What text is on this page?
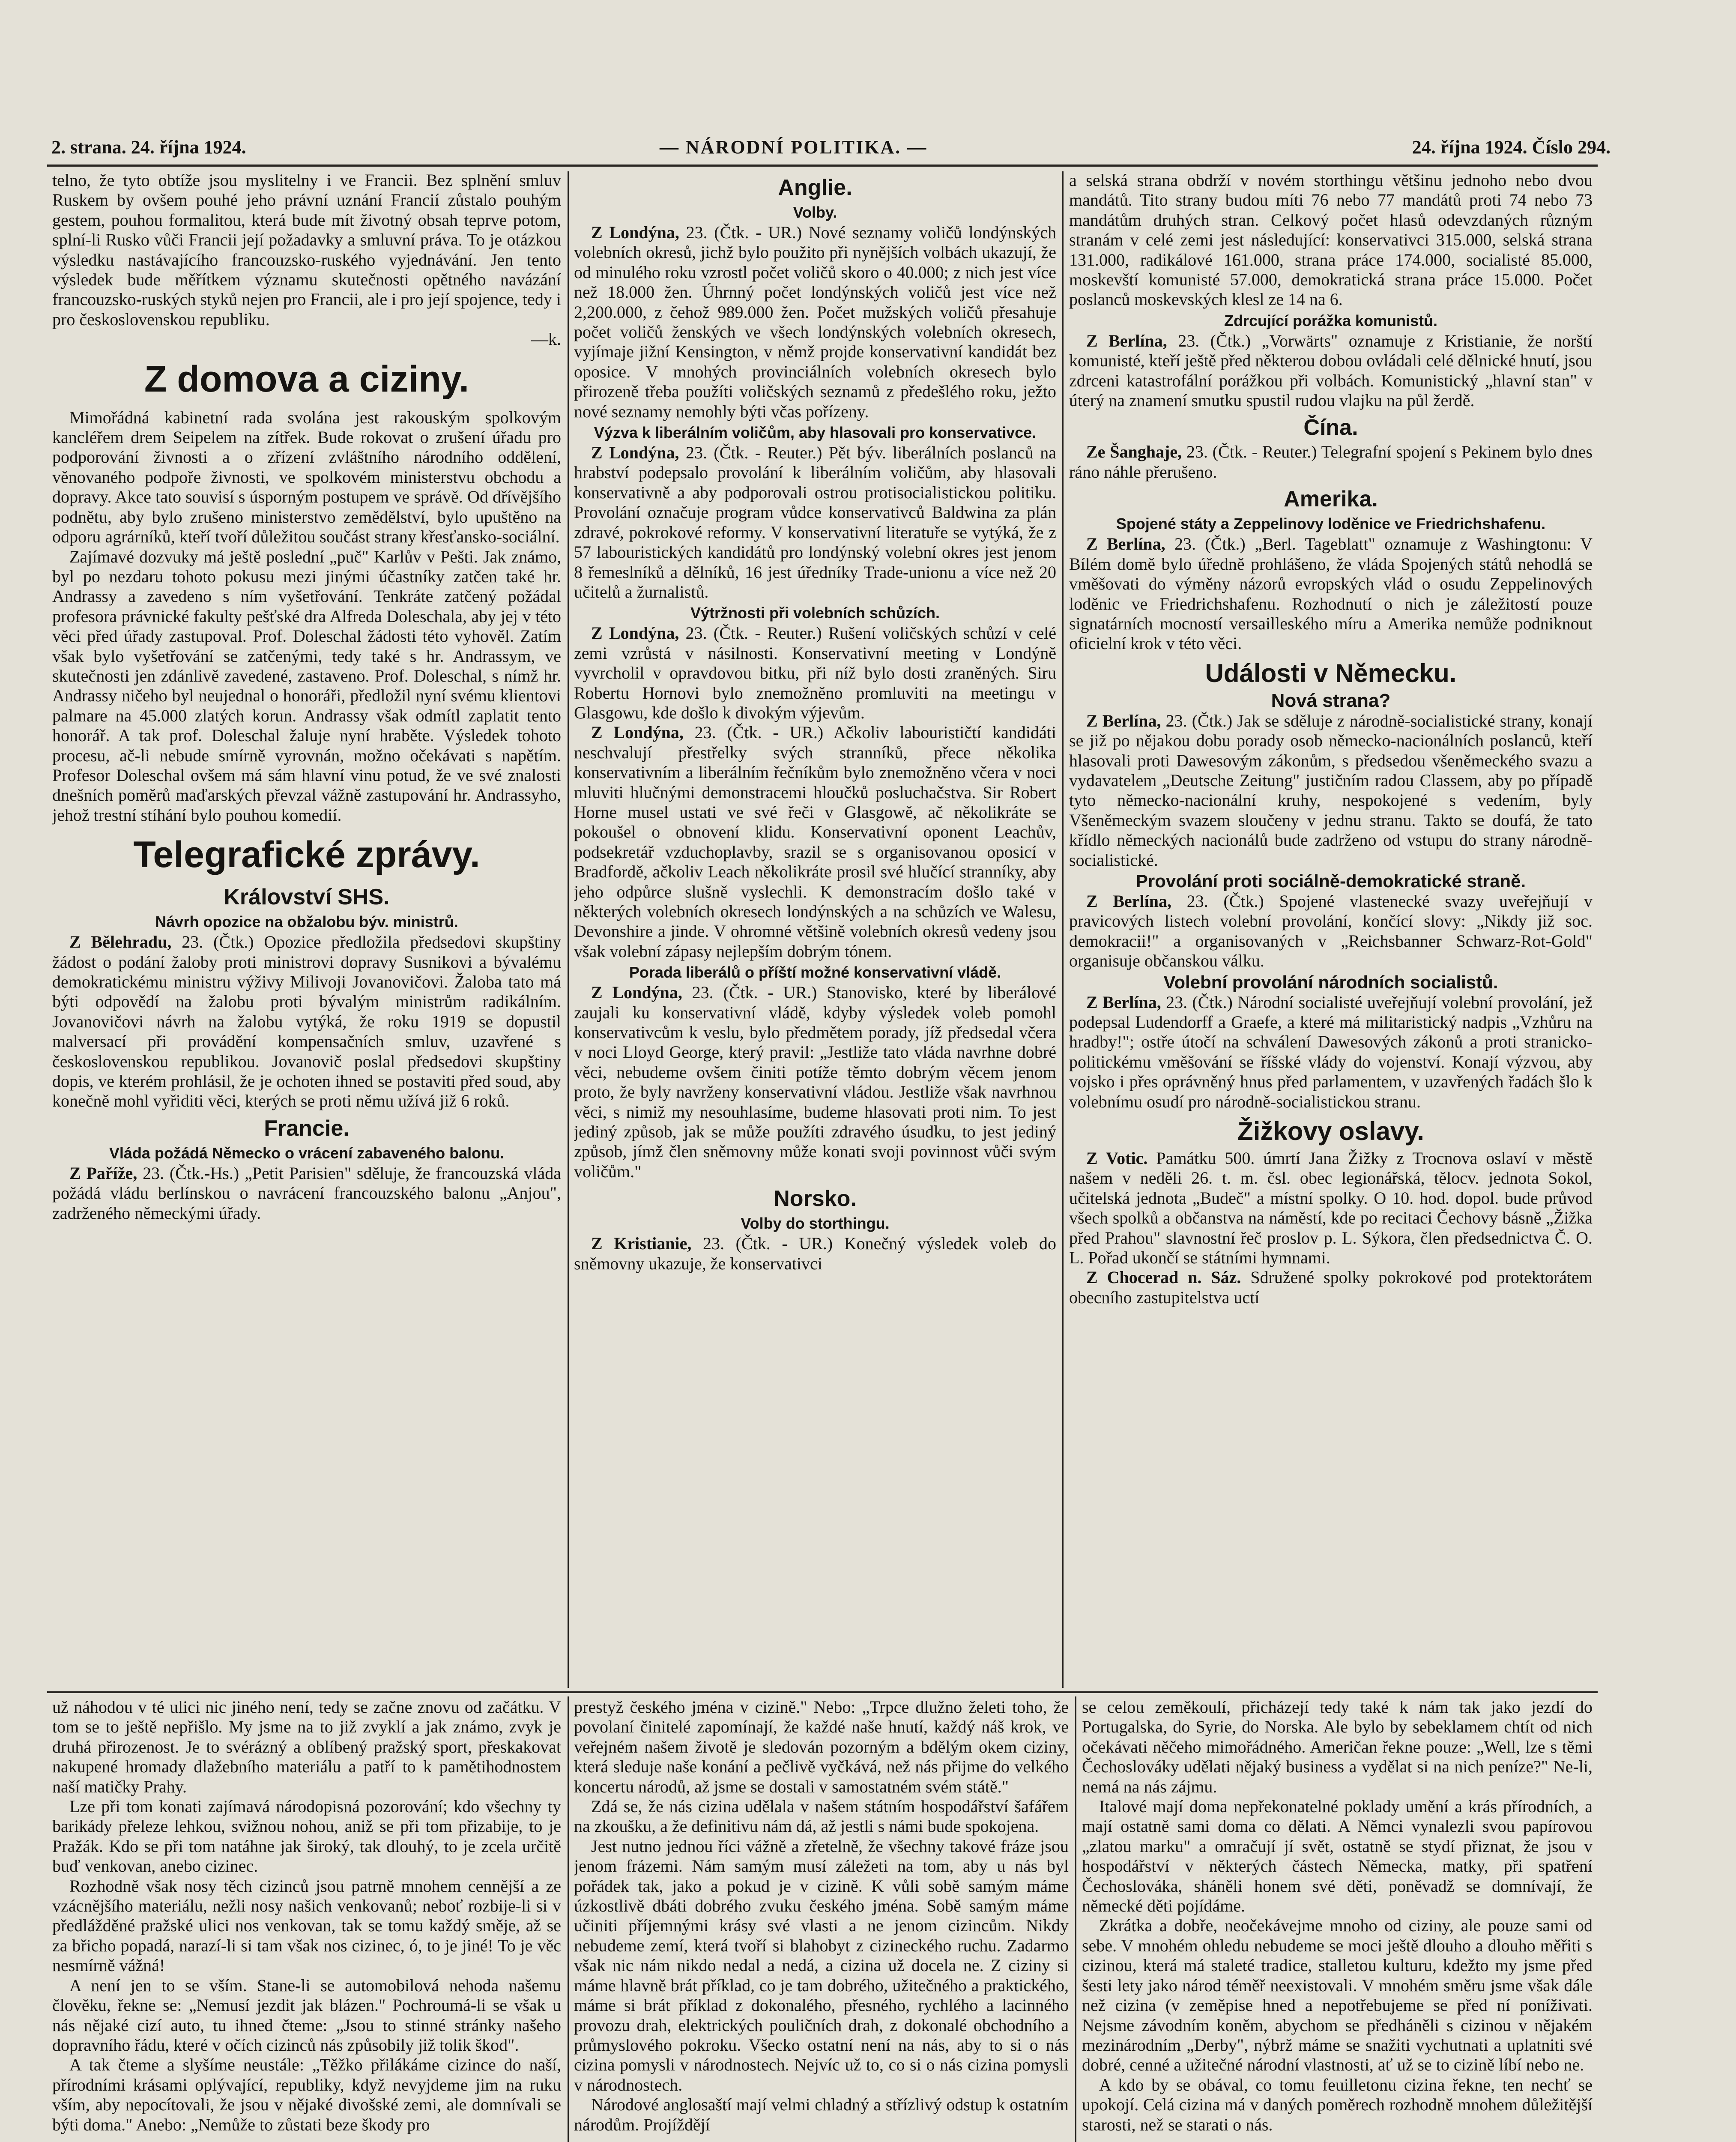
2. strana. 24. října 1924.	— NÁRODNÍ POLITIKA. —	24. října 1924. Číslo 294.

telno, že tyto obtíže jsou myslitelny i ve Francii. Bez splnění smluv Ruskem by ovšem pouhé jeho právní uznání Francií zůstalo pouhým gestem, pouhou formalitou, která bude mít životný obsah teprve potom, splní-li Rusko vůči Francii její požadavky a smluvní práva. To je otázkou výsledku nastávajícího francouzsko-ruského vyjednávání. Jen tento výsledek bude měřítkem významu skutečnosti opětného navázání francouzsko-ruských styků nejen pro Francii, ale i pro její spojence, tedy i pro československou republiku.

—k.

Z domova a ciziny.

Mimořádná kabinetní rada svolána jest rakouským spolkovým kancléřem drem Seipelem na zítřek. Bude rokovat o zrušení úřadu pro podporování živnosti a o zřízení zvláštního národního oddělení, věnovaného podpoře živnosti, ve spolkovém ministerstvu obchodu a dopravy. Akce tato souvisí s úsporným postupem ve správě. Od dřívějšího podnětu, aby bylo zrušeno ministerstvo zemědělství, bylo upuštěno na odporu agrárníků, kteří tvoří důležitou součást strany křesťansko-sociální.

Zajímavé dozvuky má ještě poslední „puč" Karlův v Pešti. Jak známo, byl po nezdaru tohoto pokusu mezi jinými účastníky zatčen také hr. Andrassy a zavedeno s ním vyšetřování. Tenkráte zatčený požádal profesora právnické fakulty pešťské dra Alfreda Doleschala, aby jej v této věci před úřady zastupoval. Prof. Doleschal žádosti této vyhověl. Zatím však bylo vyšetřování se zatčenými, tedy také s hr. Andrassym, ve skutečnosti jen zdánlivě zavedené, zastaveno. Prof. Doleschal, s nímž hr. Andrassy ničeho byl neujednal o honoráři, předložil nyní svému klientovi palmare na 45.000 zlatých korun. Andrassy však odmítl zaplatit tento honorář. A tak prof. Doleschal žaluje nyní hraběte. Výsledek tohoto procesu, ač-li nebude smírně vyrovnán, možno očekávati s napětím. Profesor Doleschal ovšem má sám hlavní vinu potud, že ve své znalosti dnešních poměrů maďarských převzal vážně zastupování hr. Andrassyho, jehož trestní stíhání bylo pouhou komedií.

Telegrafické zprávy.
Království SHS.
Návrh opozice na obžalobu býv. ministrů.

Z Bělehradu, 23. (Čtk.) Opozice předložila předsedovi skupštiny žádost o podání žaloby proti ministrovi dopravy Susnikovi a bývalému demokratickému ministru výživy Milivoji Jovanovičovi. Žaloba tato má býti odpovědí na žalobu proti bývalým ministrům radikálním. Jovanovičovi návrh na žalobu vytýká, že roku 1919 se dopustil malversací při provádění kompensačních smluv, uzavřené s československou republikou. Jovanovič poslal předsedovi skupštiny dopis, ve kterém prohlásil, že je ochoten ihned se postaviti před soud, aby konečně mohl vyřiditi věci, kterých se proti němu užívá již 6 roků.

Francie.
Vláda požádá Německo o vrácení zabaveného balonu.

Z Paříže, 23. (Čtk.-Hs.) „Petit Parisien" sděluje, že francouzská vláda požádá vládu berlínskou o navrácení francouzského balonu „Anjou", zadrženého německými úřady.

Anglie.
Volby.

Z Londýna, 23. (Čtk. - UR.) Nové seznamy voličů londýnských volebních okresů, jichž bylo použito při nynějších volbách ukazují, že od minulého roku vzrostl počet voličů skoro o 40.000; z nich jest více než 18.000 žen. Úhrnný počet londýnských voličů jest více než 2,200.000, z čehož 989.000 žen. Počet mužských voličů přesahuje počet voličů ženských ve všech londýnských volebních okresech, vyjímaje jižní Kensington, v němž projde konservativní kandidát bez oposice. V mnohých provinciálních volebních okresech bylo přirozeně třeba použíti voličských seznamů z předešlého roku, ježto nové seznamy nemohly býti včas pořízeny.

Výzva k liberálním voličům, aby hlasovali pro konservativce.

Z Londýna, 23. (Čtk. - Reuter.) Pět býv. liberálních poslanců na hrabství podepsalo provolání k liberálním voličům, aby hlasovali konservativně a aby podporovali ostrou protisocialistickou politiku. Provolání označuje program vůdce konservativců Baldwina za plán zdravé, pokrokové reformy. V konservativní literatuře se vytýká, že z 57 labouristických kandidátů pro londýnský volební okres jest jenom 8 řemeslníků a dělníků, 16 jest úředníky Trade-unionu a více než 20 učitelů a žurnalistů.

Výtržnosti při volebních schůzích.

Z Londýna, 23. (Čtk. - Reuter.) Rušení voličských schůzí v celé zemi vzrůstá v násilnosti. Konservativní meeting v Londýně vyvrcholil v opravdovou bitku, při níž bylo dosti zraněných. Siru Robertu Hornovi bylo znemožněno promluviti na meetingu v Glasgowu, kde došlo k divokým výjevům.

Z Londýna, 23. (Čtk. - UR.) Ačkoliv labourističtí kandidáti neschvalují přestřelky svých stranníků, přece několika konservativním a liberálním řečníkům bylo znemožněno včera v noci mluviti hlučnými demonstracemi hloučků posluchačstva. Sir Robert Horne musel ustati ve své řeči v Glasgowě, ač několikráte se pokoušel o obnovení klidu. Konservativní oponent Leachův, podsekretář vzduchoplavby, srazil se s organisovanou oposicí v Bradfordě, ačkoliv Leach několikráte prosil své hlučící stranníky, aby jeho odpůrce slušně vyslechli. K demonstracím došlo také v některých volebních okresech londýnských a na schůzích ve Walesu, Devonshire a jinde. V ohromné většině volebních okresů vedeny jsou však volební zápasy nejlepším dobrým tónem.

Porada liberálů o příští možné konservativní vládě.

Z Londýna, 23. (Čtk. - UR.) Stanovisko, které by liberálové zaujali ku konservativní vládě, kdyby výsledek voleb pomohl konservativcům k veslu, bylo předmětem porady, jíž předsedal včera v noci Lloyd George, který pravil: „Jestliže tato vláda navrhne dobré věci, nebudeme ovšem činiti potíže těmto dobrým věcem jenom proto, že byly navrženy konservativní vládou. Jestliže však navrhnou věci, s nimiž my nesouhlasíme, budeme hlasovati proti nim. To jest jediný způsob, jak se může použíti zdravého úsudku, to jest jediný způsob, jímž člen sněmovny může konati svoji povinnost vůči svým voličům."

Norsko.
Volby do storthingu.

Z Kristianie, 23. (Čtk. - UR.) Konečný výsledek voleb do sněmovny ukazuje, že konservativci

a selská strana obdrží v novém storthingu většinu jednoho nebo dvou mandátů. Tito strany budou míti 76 nebo 77 mandátů proti 74 nebo 73 mandátům druhých stran. Celkový počet hlasů odevzdaných různým stranám v celé zemi jest následující: konservativci 315.000, selská strana 131.000, radikálové 161.000, strana práce 174.000, socialisté 85.000, moskevští komunisté 57.000, demokratická strana práce 15.000. Počet poslanců moskevských klesl ze 14 na 6.

Zdrcující porážka komunistů.

Z Berlína, 23. (Čtk.) „Vorwärts" oznamuje z Kristianie, že norští komunisté, kteří ještě před některou dobou ovládali celé dělnické hnutí, jsou zdrceni katastrofální porážkou při volbách. Komunistický „hlavní stan" v úterý na znamení smutku spustil rudou vlajku na půl žerdě.

Čína.

Ze Šanghaje, 23. (Čtk. - Reuter.) Telegrafní spojení s Pekinem bylo dnes ráno náhle přerušeno.

Amerika.
Spojené státy a Zeppelinovy loděnice ve Friedrichshafenu.

Z Berlína, 23. (Čtk.) „Berl. Tageblatt" oznamuje z Washingtonu: V Bílém domě bylo úředně prohlášeno, že vláda Spojených států nehodlá se vměšovati do výměny názorů evropských vlád o osudu Zeppelinových loděnic ve Friedrichshafenu. Rozhodnutí o nich je záležitostí pouze signatárních mocností versailleského míru a Amerika nemůže podniknout oficielní krok v této věci.

Události v Německu.
Nová strana?

Z Berlína, 23. (Čtk.) Jak se sděluje z národně-socialistické strany, konají se již po nějakou dobu porady osob německo-nacionálních poslanců, kteří hlasovali proti Dawesovým zákonům, s předsedou všeněmeckého svazu a vydavatelem „Deutsche Zeitung" justičním radou Classem, aby po případě tyto německo-nacionální kruhy, nespokojené s vedením, byly Všeněmeckým svazem sloučeny v jednu stranu. Takto se doufá, že tato křídlo německých nacionálů bude zadrženo od vstupu do strany národně-socialistické.

Provolání proti sociálně-demokratické straně.

Z Berlína, 23. (Čtk.) Spojené vlastenecké svazy uveřejňují v pravicových listech volební provolání, končící slovy: „Nikdy již soc. demokracii!" a organisovaných v „Reichsbanner Schwarz-Rot-Gold" organisuje občanskou válku.

Volební provolání národních socialistů.

Z Berlína, 23. (Čtk.) Národní socialisté uveřejňují volební provolání, jež podepsal Ludendorff a Graefe, a které má militaristický nadpis „Vzhůru na hradby!"; ostře útočí na schválení Dawesových zákonů a proti stranicko-politickému vměšování se říšské vlády do vojenství. Konají výzvou, aby vojsko i přes oprávněný hnus před parlamentem, v uzavřených řadách šlo k volebnímu osudí pro národně-socialistickou stranu.

Žižkovy oslavy.

Z Votic. Památku 500. úmrtí Jana Žižky z Trocnova oslaví v městě našem v neděli 26. t. m. čsl. obec legionářská, tělocv. jednota Sokol, učitelská jednota „Budeč" a místní spolky. O 10. hod. dopol. bude průvod všech spolků a občanstva na náměstí, kde po recitaci Čechovy básně „Žižka před Prahou" slavnostní řeč proslov p. L. Sýkora, člen předsednictva Č. O. L. Pořad ukončí se státními hymnami.

Z Chocerad n. Sáz. Sdružené spolky pokrokové pod protektorátem obecního zastupitelstva uctí

už náhodou v té ulici nic jiného není, tedy se začne znovu od začátku. V tom se to ještě nepřišlo. My jsme na to již zvyklí a jak známo, zvyk je druhá přirozenost. Je to svérázný a oblíbený pražský sport, přeskakovat nakupené hromady dlažebního materiálu a patří to k pamětihodnostem naší matičky Prahy.

Lze při tom konati zajímavá národopisná pozorování; kdo všechny ty barikády přeleze lehkou, svižnou nohou, aniž se při tom přizabije, to je Pražák. Kdo se při tom natáhne jak široký, tak dlouhý, to je zcela určitě buď venkovan, anebo cizinec.

Rozhodně však nosy těch cizinců jsou patrně mnohem cennější a ze vzácnějšího materiálu, nežli nosy našich venkovanů; neboť rozbije-li si v předlážděné pražské ulici nos venkovan, tak se tomu každý směje, až se za břicho popadá, narazí-li si tam však nos cizinec, ó, to je jiné! To je věc nesmírně vážná!

A není jen to se vším. Stane-li se automobilová nehoda našemu člověku, řekne se: „Nemusí jezdit jak blázen." Pochroumá-li se však u nás nějaké cizí auto, tu ihned čteme: „Jsou to stinné stránky našeho dopravního řádu, které v očích cizinců nás způsobily již tolik škod".

A tak čteme a slyšíme neustále: „Těžko přilákáme cizince do naší, přírodními krásami oplývající, republiky, když nevyjdeme jim na ruku vším, aby nepocítovali, že jsou v nějaké divošské zemi, ale domnívali se býti doma." Anebo: „Nemůže to zůstati beze škody pro

prestyž českého jména v cizině." Nebo: „Trpce dlužno želeti toho, že povolaní činitelé zapomínají, že každé naše hnutí, každý náš krok, ve veřejném našem životě je sledován pozorným a bdělým okem ciziny, která sleduje naše konání a pečlivě vyčkává, než nás přijme do velkého koncertu národů, až jsme se dostali v samostatném svém státě."

Zdá se, že nás cizina udělala v našem státním hospodářství šafářem na zkoušku, a že definitivu nám dá, až jestli s námi bude spokojena.

Jest nutno jednou říci vážně a zřetelně, že všechny takové fráze jsou jenom frázemi. Nám samým musí záležeti na tom, aby u nás byl pořádek tak, jako a pokud je v cizině. K vůli sobě samým máme úzkostlivě dbáti dobrého zvuku českého jména. Sobě samým máme učiniti příjemnými krásy své vlasti a ne jenom cizincům. Nikdy nebudeme zemí, která tvoří si blahobyt z cizineckého ruchu. Zadarmo však nic nám nikdo nedal a nedá, a cizina už docela ne. Z ciziny si máme hlavně brát příklad, co je tam dobrého, užitečného a praktického, máme si brát příklad z dokonalého, přesného, rychlého a lacinného provozu drah, elektrických pouličních drah, z dokonalé obchodního a průmyslového pokroku. Všecko ostatní není na nás, aby to si o nás cizina pomysli v národnostech. Nejvíc už to, co si o nás cizina pomysli v národnostech.

Národové anglosaští mají velmi chladný a střízlivý odstup k ostatním národům. Projíždějí

se celou zeměkoulí, přicházejí tedy také k nám tak jako jezdí do Portugalska, do Syrie, do Norska. Ale bylo by sebeklamem chtít od nich očekávati něčeho mimořádného. Američan řekne pouze: „Well, lze s těmi Čechoslováky udělati nějaký business a vydělat si na nich peníze?" Ne-li, nemá na nás zájmu.

Italové mají doma nepřekonatelné poklady umění a krás přírodních, a mají ostatně sami doma co dělati. A Němci vynalezli svou papírovou „zlatou marku" a omračují jí svět, ostatně se stydí přiznat, že jsou v hospodářství v některých částech Německa, matky, při spatření Čechoslováka, sháněli honem své děti, poněvadž se domnívají, že německé děti pojídáme.

Zkrátka a dobře, neočekávejme mnoho od ciziny, ale pouze sami od sebe. V mnohém ohledu nebudeme se moci ještě dlouho a dlouho měřiti s cizinou, která má staleté tradice, stalletou kulturu, kdežto my jsme před šesti lety jako národ téměř neexistovali. V mnohém směru jsme však dále než cizina (v zeměpise hned a nepotřebujeme se před ní poníživati. Nejsme závodním koněm, abychom se předháněli s cizinou v nějakém mezinárodním „Derby", nýbrž máme se snažiti vychutnati a uplatniti své dobré, cenné a užitečné národní vlastnosti, ať už se to cizině líbí nebo ne.

A kdo by se obával, co tomu feuilletonu cizina řekne, ten nechť se upokojí. Celá cizina má v daných poměrech rozhodně mnohem důležitější starosti, než se starati o nás.
